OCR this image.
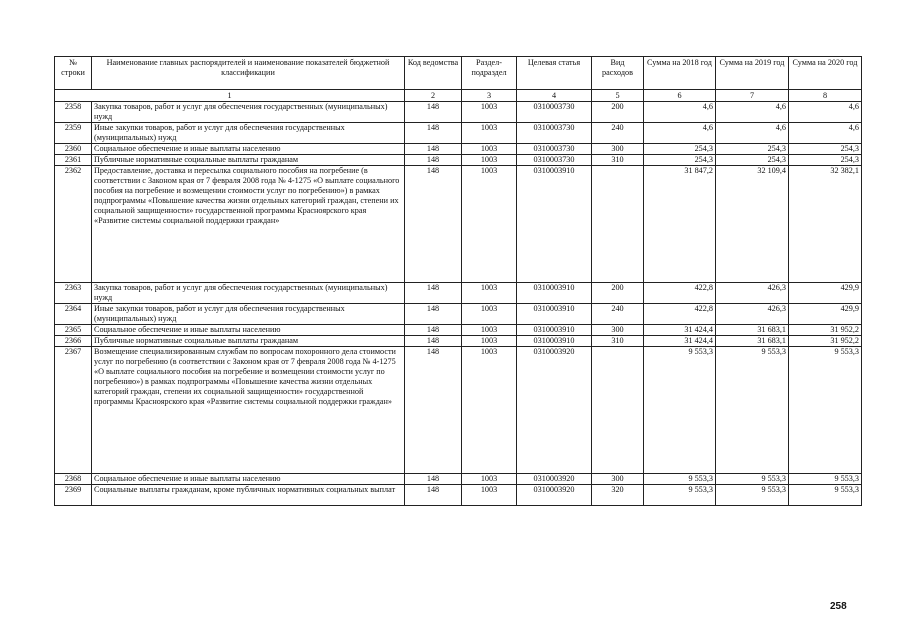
№ строки	Наименование главных распорядителей и наименование показателей бюджетной классификации	Код ведомства	Раздел-подраздел	Целевая статья	Вид расходов	Сумма на 2018 год	Сумма на 2019 год	Сумма на 2020 год
1		2	3	4	5	6	7	8
2358	Закупка товаров, работ и услуг для обеспечения государственных (муниципальных) нужд	148	1003	0310003730	200	4,6	4,6	4,6
2359	Иные закупки товаров, работ и услуг для обеспечения государственных (муниципальных) нужд	148	1003	0310003730	240	4,6	4,6	4,6
2360	Социальное обеспечение и иные выплаты населению	148	1003	0310003730	300	254,3	254,3	254,3
2361	Публичные нормативные социальные выплаты гражданам	148	1003	0310003730	310	254,3	254,3	254,3
2362	Предоставление, доставка и пересылка социального пособия на погребение (в соответствии с Законом края от 7 февраля 2008 года № 4-1275 «О выплате социального пособия на погребение и возмещении стоимости услуг по погребению») в рамках подпрограммы «Повышение качества жизни отдельных категорий граждан, степени их социальной защищенности» государственной программы Красноярского края «Развитие системы социальной поддержки граждан»	148	1003	0310003910		31 847,2	32 109,4	32 382,1
2363	Закупка товаров, работ и услуг для обеспечения государственных (муниципальных) нужд	148	1003	0310003910	200	422,8	426,3	429,9
2364	Иные закупки товаров, работ и услуг для обеспечения государственных (муниципальных) нужд	148	1003	0310003910	240	422,8	426,3	429,9
2365	Социальное обеспечение и иные выплаты населению	148	1003	0310003910	300	31 424,4	31 683,1	31 952,2
2366	Публичные нормативные социальные выплаты гражданам	148	1003	0310003910	310	31 424,4	31 683,1	31 952,2
2367	Возмещение специализированным службам по вопросам похоронного дела стоимости услуг по погребению (в соответствии с Законом края от 7 февраля 2008 года № 4-1275 «О выплате социального пособия на погребение и возмещении стоимости услуг по погребению») в рамках подпрограммы «Повышение качества жизни отдельных категорий граждан, степени их социальной защищенности» государственной программы Красноярского края «Развитие системы социальной поддержки граждан»	148	1003	0310003920		9 553,3	9 553,3	9 553,3
2368	Социальное обеспечение и иные выплаты населению	148	1003	0310003920	300	9 553,3	9 553,3	9 553,3
2369	Социальные выплаты гражданам, кроме публичных нормативных социальных выплат	148	1003	0310003920	320	9 553,3	9 553,3	9 553,3
258
